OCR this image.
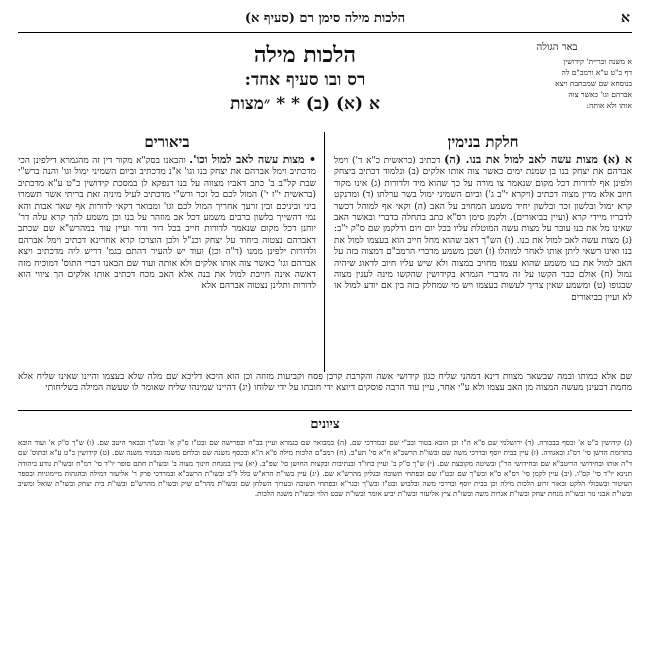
הלכות מילה סימן רם (סעיף א)	א
באר הגולה

א משנה ובריית' קידושין

דף כ"ט ע"א ורמב"ם לה

בנוסחא שם שמכתבת ויצא

אברהם וגו' כאשר צוה

אותו ולא אותה:

הלכות מילה
רס ובו סעיף אחד:
א (א) (ב) * * ״מצות
חלקת בנימין

א (א) מצות עשה לאב למול את בנו. (ה) דכתיב (בראשית כ"א ד') וימל אברהם את יצחק בנו בן שמנת ימים כאשר צוה אותו אלקים (ב) ונלמוד דכתיב ביצחק ולפינן אף לדורות דכל מקום שנאמר צו מורה על כך שהוא מיד ולדורות (ג) אינו מקור חיוב אלא מדין מצוה דכתיב (ויקרא י"ב ג') וביום השמיני ימול בשר ערלתו (ד) ומדנקט קרא ימול ובלשון זכר ובלשון יחיד משמע המחויב על האב (ה) וקאי אף למוהל דכשר לדבריו מיידי קרא (ועיין בביאורים). ולקמן סימן רס"א כתב בתחלה בדברי ובאשר האב שאינו מל את בנו עובר על מצות עשה המוטלת עליו בכל יום ויום ודלקמן שם ס"ק י"ב: (ג) מצות עשה לאב למול את בנו. (ו) הש"ך דאב שהוא מחל חייב הוא בעצמו למול את בנו ואינו רשאי ליתן אותו לאחר למוהלו (ז) ושכן משמע מדברי הרמב"ם דמצוה בזה על האב למול את בנו משמע שהוא עצמו מחויב במצוה ולא שיש עליו חיוב לדאוג שיהיה נמול (ח) אולם כבר הקשו על זה מדברי הגמרא בקידושין שהקשו מינה לענין מצוה שבגופו (ט) ומשמע שאין צריך לעשות בעצמו ויש מי שמחלק בזה בין אם יודע למול או לא ועיין בביאורים

ביאורים

• מצות עשה לאב למול וכו'. והבאנו בסק"א מקור דין זה מהגמרא דילפינן הכי מדכתיב וימל אברהם את יצחק בנו וגו' א"נ מדכתיב וביום השמיני ימול וגו' והנה ברש"י שבת קל"ב ב' כתב דאביו מצווה על בנו דנפקא לן במסכת קידושין כ"ט ע"א מדכתיב (בראשית י"ז י') המול לכם כל זכר ורש"י מדכתיב לעיל מיניה זאת בריתי אשר תשמרו ביני וביניכם ובין זרעך אחריך המול לכם וגו' ומבואר דקאי לדורות אף שאר אבות והא נמי דהשייך בלשון ברבים משמע דכל אב מוזהר על בנו וכן משמע להך קרא עלה דר' יוחנן דכל מקום שנאמר לדורות חייב בכל דור ודור ועיין עוד במהרש"א שם שכתב דאברהם נצטוה ביחוד על יצחק וכנ"ל ולכן הוצרכו קרא אחרינא דכתיב וימל אברהם ולדורות ילפינן ממנו (ד"ה וכן) ועוד יש להעיר דהתם בגמ' דריש ליה מדכתיב ויצא אברהם וגו' כאשר צוה אותו אלקים ולא אותה ועוד שם הבאנו דברי התוס' דמוכיח מזה דאשה אינה חייבת למול את בנה אלא האב מכח דכתיב אותו אלקים הך ציווי הוא לדורות ותלינן נצטוה אברהם אלא

שם אלא כמותו ובמה שבשאר מצוות דינא דמהני שליח כגון קידושי אשה והקרבת קרבן פסח וקביעות מזוזה וכן הוא היכא דליכא שם מלה שלא בעצמו והיינו שאינו שליח אלא מחמת דבעינן מעשה המצוה מן האב עצמו ולא ע"י אחר, עיין עוד הרבה פוסקים דיוצא ידי חובתו על ידי שלוחו (יג) דהיינו שמינהו שליח שאומר לו שעשה המילה בשליחותי

ציונים

(ג) קידושין כ"ט א' וכסף בבכורה. (ד) ירושלמי שם פ"א ה"ז וכן הובא בטור ובב"י שם ובמרדכי שם. (ה) כמבואר שם בגמרא ועיין בב"ח ובפרישה שם ובט"ז ס"ק א' ובש"ך ובבאר היטב שם. (ו) ש"ך ס"ק א' ועוד הובא בתרומת הדשן סי' רס"ג ובאגודה. (ז) עיין בבית יוסף ובדרכי משה שם ובשו"ת הרשב"א ח"א סי' תע"ב. (ח) רמב"ם הלכות מילה פ"א ה"א ובכסף משנה שם ובלחם משנה ובמגיד משנה שם. (ט) קידושין כ"ט ע"א ובתוס' שם ד"ה אותו ובחידושי הריטב"א שם ובחידושי הר"ן ובשיטה מקובצת שם. (י) ש"ך ס"ק ב' ועיין בחו"ד ובנתיבות ובקצות החושן סי' שפ"ב. (יא) עיין במנחת חינוך מצוה ב' ובשו"ת חתם סופר יו"ד סי' רמ"ח ובשו"ת נודע ביהודה תנינא יו"ד סי' קס"ו. (יב) עיין לקמן סי' רס"א ס"א ובש"ך שם ובט"ז שם ובפתחי תשובה ובגליון מהרש"א שם. (יג) עיין בשו"ת הרא"ש כלל ל"ב ובשו"ת הרשב"א ובמרדכי פרק ר' אליעזר דמילה ובהגהות מיימוניות ובספר העיטור ובשבולי הלקט ובאור זרוע הלכות מילה וכן בבית יוסף ובדרכי משה ובלבוש ובט"ז ובש"ך ובגר"א ובפתחי תשובה ובערוך השלחן שם ובשו"ת מהר"ם שיק ובשו"ת מהרש"ם ובשו"ת בית יצחק ובשו"ת שואל ומשיב ובשו"ת אבני נזר ובשו"ת מנחת יצחק ובשו"ת אגרות משה ובשו"ת ציץ אליעזר ובשו"ת יביע אומר ובשו"ת שבט הלוי ובשו"ת משנה הלכות.
